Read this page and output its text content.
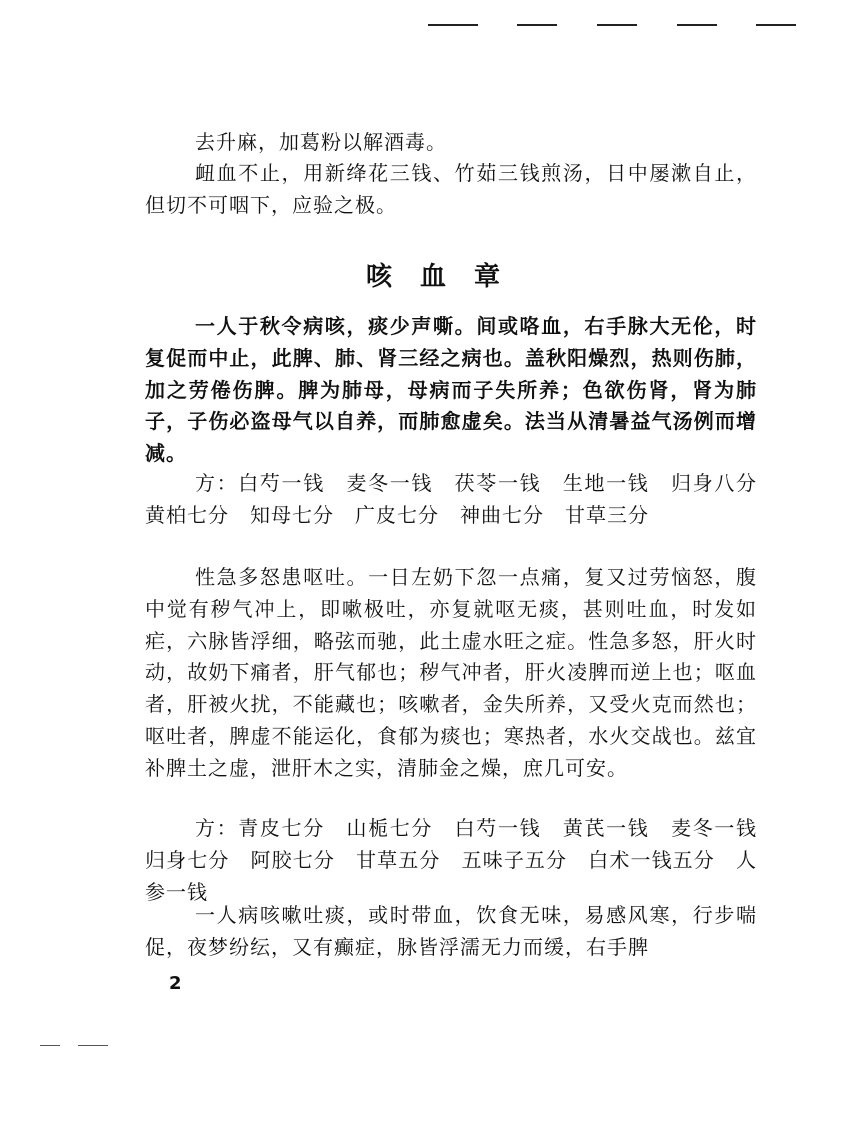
去升麻，加葛粉以解酒毒。

衄血不止，用新绛花三钱、竹茹三钱煎汤，日中屡漱自止，但切不可咽下，应验之极。

咳血章

一人于秋令病咳，痰少声嘶。间或咯血，右手脉大无伦，时复促而中止，此脾、肺、肾三经之病也。盖秋阳燥烈，热则伤肺，加之劳倦伤脾。脾为肺母，母病而子失所养；色欲伤肾，肾为肺子，子伤必盗母气以自养，而肺愈虚矣。法当从清暑益气汤例而增减。

方：白芍一钱　麦冬一钱　茯苓一钱　生地一钱　归身八分　黄柏七分　知母七分　广皮七分　神曲七分　甘草三分

性急多怒患呕吐。一日左奶下忽一点痛，复又过劳恼怒，腹中觉有秽气冲上，即嗽极吐，亦复就呕无痰，甚则吐血，时发如疟，六脉皆浮细，略弦而驰，此土虚水旺之症。性急多怒，肝火时动，故奶下痛者，肝气郁也；秽气冲者，肝火凌脾而逆上也；呕血者，肝被火扰，不能藏也；咳嗽者，金失所养，又受火克而然也；呕吐者，脾虚不能运化，食郁为痰也；寒热者，水火交战也。兹宜补脾土之虚，泄肝木之实，清肺金之燥，庶几可安。

方：青皮七分　山栀七分　白芍一钱　黄芪一钱　麦冬一钱　归身七分　阿胶七分　甘草五分　五味子五分　白术一钱五分　人参一钱

一人病咳嗽吐痰，或时带血，饮食无味，易感风寒，行步喘促，夜梦纷纭，又有癫症，脉皆浮濡无力而缓，右手脾

2
